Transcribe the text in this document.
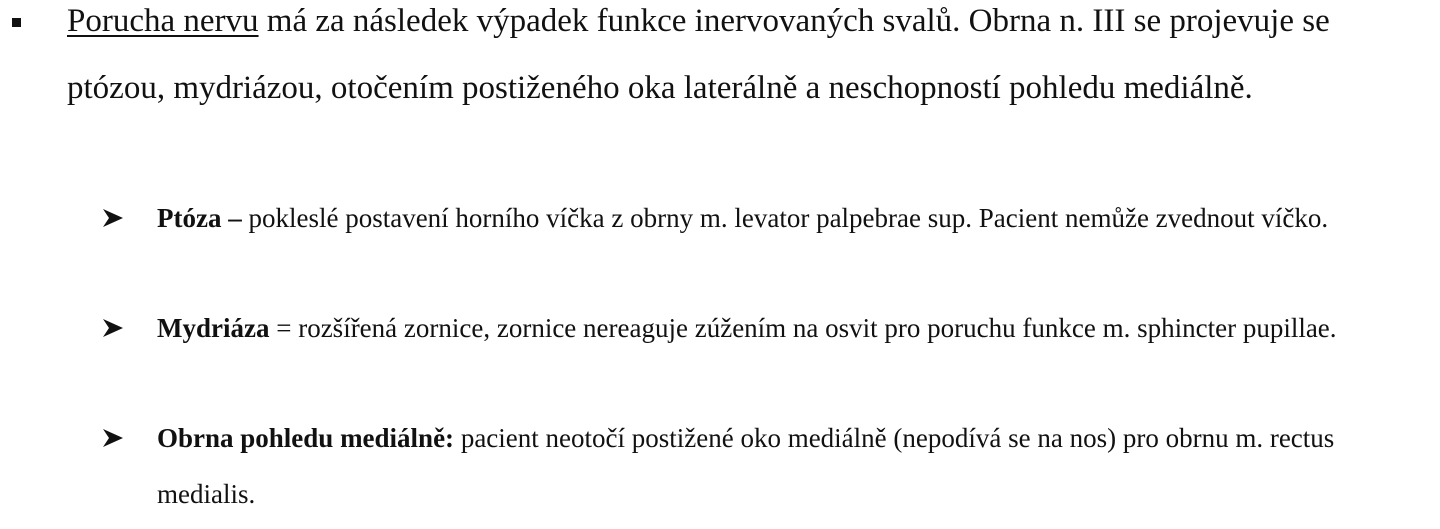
Porucha nervu má za následek výpadek funkce inervovaných svalů. Obrna n. III se projevuje se ptózou, mydriázou, otočením postiženého oka laterálně a neschopností pohledu mediálně.
Ptóza – pokleslé postavení horního víčka z obrny m. levator palpebrae sup. Pacient nemůže zvednout víčko.
Mydriáza = rozšířená zornice, zornice nereaguje zúžením na osvit pro poruchu funkce m. sphincter pupillae.
Obrna pohledu mediálně: pacient neotočí postižené oko mediálně (nepodívá se na nos) pro obrnu m. rectus medialis.
